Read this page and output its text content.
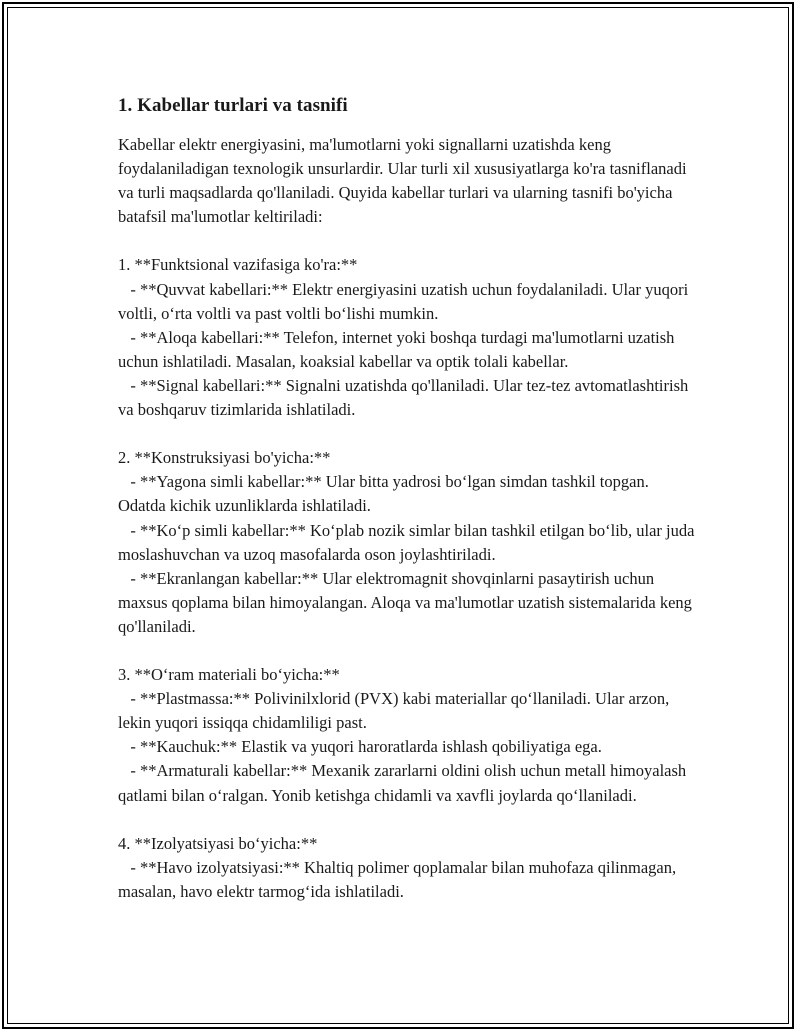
1. Kabellar turlari va tasnifi

Kabellar elektr energiyasini, ma'lumotlarni yoki signallarni uzatishda keng foydalaniladigan texnologik unsurlardir. Ular turli xil xususiyatlarga ko'ra tasniflanadi va turli maqsadlarda qo'llaniladi. Quyida kabellar turlari va ularning tasnifi bo'yicha batafsil ma'lumotlar keltiriladi:

1. **Funktsional vazifasiga ko'ra:**

- **Quvvat kabellari:** Elektr energiyasini uzatish uchun foydalaniladi. Ular yuqori voltli, oʻrta voltli va past voltli boʻlishi mumkin.

- **Aloqa kabellari:** Telefon, internet yoki boshqa turdagi ma'lumotlarni uzatish uchun ishlatiladi. Masalan, koaksial kabellar va optik tolali kabellar.

- **Signal kabellari:** Signalni uzatishda qo'llaniladi. Ular tez-tez avtomatlashtirish va boshqaruv tizimlarida ishlatiladi.

2. **Konstruksiyasi bo'yicha:**

- **Yagona simli kabellar:** Ular bitta yadrosi boʻlgan simdan tashkil topgan. Odatda kichik uzunliklarda ishlatiladi.

- **Koʻp simli kabellar:** Koʻplab nozik simlar bilan tashkil etilgan boʻlib, ular juda moslashuvchan va uzoq masofalarda oson joylashtiriladi.

- **Ekranlangan kabellar:** Ular elektromagnit shovqinlarni pasaytirish uchun maxsus qoplama bilan himoyalangan. Aloqa va ma'lumotlar uzatish sistemalarida keng qo'llaniladi.

3. **Oʻram materiali boʻyicha:**

- **Plastmassa:** Polivinilxlorid (PVX) kabi materiallar qoʻllaniladi. Ular arzon, lekin yuqori issiqqa chidamliligi past.

- **Kauchuk:** Elastik va yuqori haroratlarda ishlash qobiliyatiga ega.

- **Armaturali kabellar:** Mexanik zararlarni oldini olish uchun metall himoyalash qatlami bilan oʻralgan. Yonib ketishga chidamli va xavfli joylarda qoʻllaniladi.

4. **Izolyatsiyasi boʻyicha:**

- **Havo izolyatsiyasi:** Khaltiq polimer qoplamalar bilan muhofaza qilinmagan, masalan, havo elektr tarmogʻida ishlatiladi.
